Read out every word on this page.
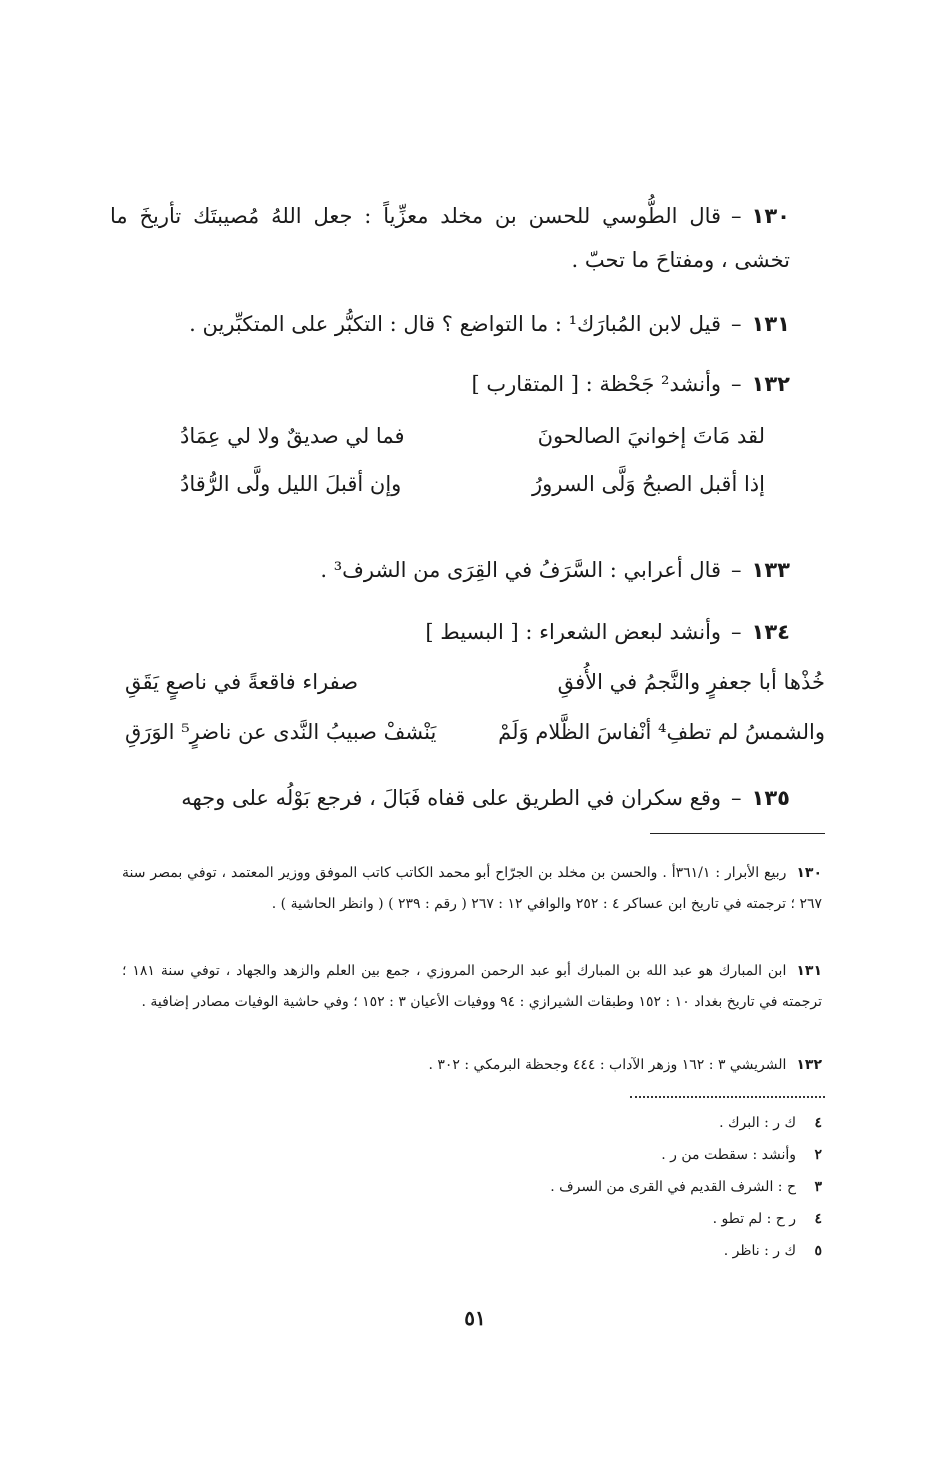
١٣٠–قال الطُّوسي للحسن بن مخلد معزِّياً : جعل اللهُ مُصيبتَك تأريخَ ما تخشى ، ومفتاحَ ما تحبّ .
١٣١–قيل لابن المُبارَك¹ : ما التواضع ؟ قال : التكبُّر على المتكبِّرين .
١٣٢–وأنشد² جَحْظة : [ المتقارب ]
لقد مَاتَ إخوانيَ الصالحونَ
فما لي صديقٌ ولا لي عِمَادُ
إذا أقبل الصبحُ وَلَّى السرورُ
وإن أقبلَ الليل ولَّى الرُّقادُ
١٣٣–قال أعرابي : السَّرَفُ في القِرَى من الشرف³ .
١٣٤–وأنشد لبعض الشعراء : [ البسيط ]
خُذْها أبا جعفرٍ والنَّجمُ في الأُفقِ
صفراء فاقعةً في ناصعٍ يَقَقِ
والشمسُ لم تطفِ⁴ أنْفاسَ الظَّلام وَلَمْ
يَنْشفْ صبيبُ النَّدى عن ناضرٍ⁵ الوَرَقِ
١٣٥–وقع سكران في الطريق على قفاه فَبَالَ ، فرجع بَوْلُه على وجهه
١٣٠ربيع الأبرار : ٣٦١/١أ . والحسن بن مخلد بن الجرّاح أبو محمد الكاتب كاتب الموفق ووزير المعتمد ، توفي بمصر سنة ٢٦٧ ؛ ترجمته في تاريخ ابن عساكر ٤ : ٢٥٢ والوافي ١٢ : ٢٦٧ ( رقم : ٢٣٩ ) ( وانظر الحاشية ) .
١٣١ابن المبارك هو عبد الله بن المبارك أبو عبد الرحمن المروزي ، جمع بين العلم والزهد والجهاد ، توفي سنة ١٨١ ؛ ترجمته في تاريخ بغداد ١٠ : ١٥٢ وطبقات الشيرازي : ٩٤ ووفيات الأعيان ٣ : ١٥٢ ؛ وفي حاشية الوفيات مصادر إضافية .
١٣٢الشريشي ٣ : ١٦٢ وزهر الآداب : ٤٤٤ وجحظة البرمكي : ٣٠٢ .
٤ك ر : البرك .
٢وأنشد : سقطت من ر .
٣ح : الشرف القديم في القرى من السرف .
٤ر ح : لم تطو .
٥ك ر : ناظر .
٥١
